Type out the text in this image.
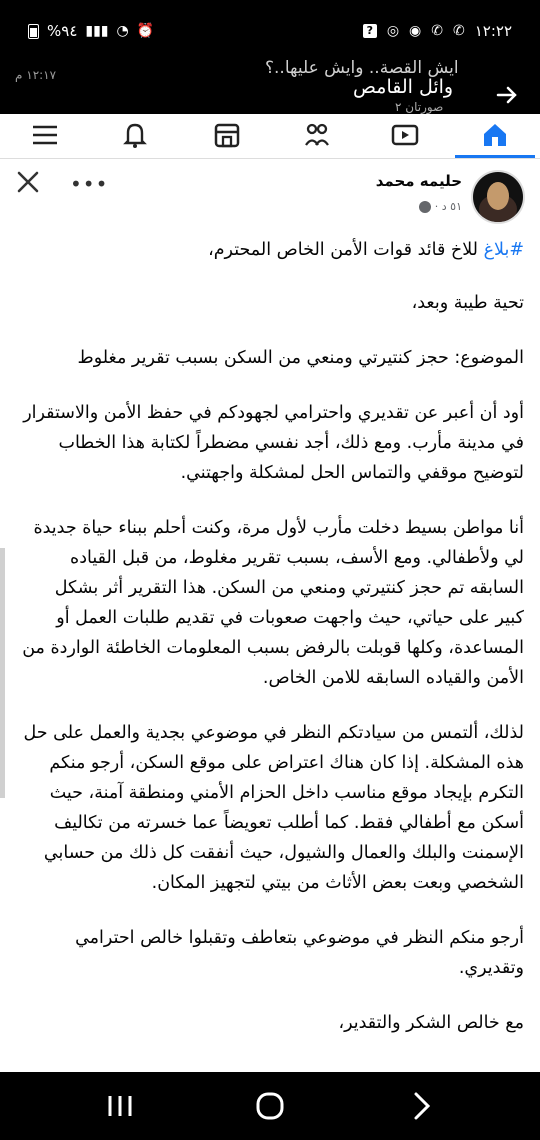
%٩٤ ▮▮▮ ◔ ⏰	? ◎ ◉ ✆ ✆ ١٢:٢٢
ايش القصة.. وايش عليها..؟
وائل القامص
١٢:١٧ م
صورتان ٢
•••	حليمه محمد
٥١ د ·

#بلاغ للاخ قائد قوات الأمن الخاص المحترم،

تحية طيبة وبعد،

الموضوع: حجز كنتيرتي ومنعي من السكن بسبب تقرير مغلوط

أود أن أعبر عن تقديري واحترامي لجهودكم في حفظ الأمن والاستقرار في مدينة مأرب. ومع ذلك، أجد نفسي مضطراً لكتابة هذا الخطاب لتوضيح موقفي والتماس الحل لمشكلة واجهتني.

أنا مواطن بسيط دخلت مأرب لأول مرة، وكنت أحلم ببناء حياة جديدة لي ولأطفالي. ومع الأسف، بسبب تقرير مغلوط، من قبل القياده السابقه تم حجز كنتيرتي ومنعي من السكن. هذا التقرير أثر بشكل كبير على حياتي، حيث واجهت صعوبات في تقديم طلبات العمل أو المساعدة، وكلها قوبلت بالرفض بسبب المعلومات الخاطئة الواردة من الأمن والقياده السابقه للامن الخاص.

لذلك، ألتمس من سيادتكم النظر في موضوعي بجدية والعمل على حل هذه المشكلة. إذا كان هناك اعتراض على موقع السكن، أرجو منكم التكرم بإيجاد موقع مناسب داخل الحزام الأمني ومنطقة آمنة، حيث أسكن مع أطفالي فقط. كما أطلب تعويضاً عما خسرته من تكاليف الإسمنت والبلك والعمال والشيول، حيث أنفقت كل ذلك من حسابي الشخصي وبعت بعض الأثاث من بيتي لتجهيز المكان.

أرجو منكم النظر في موضوعي بتعاطف وتقبلوا خالص احترامي وتقديري.

مع خالص الشكر والتقدير،
